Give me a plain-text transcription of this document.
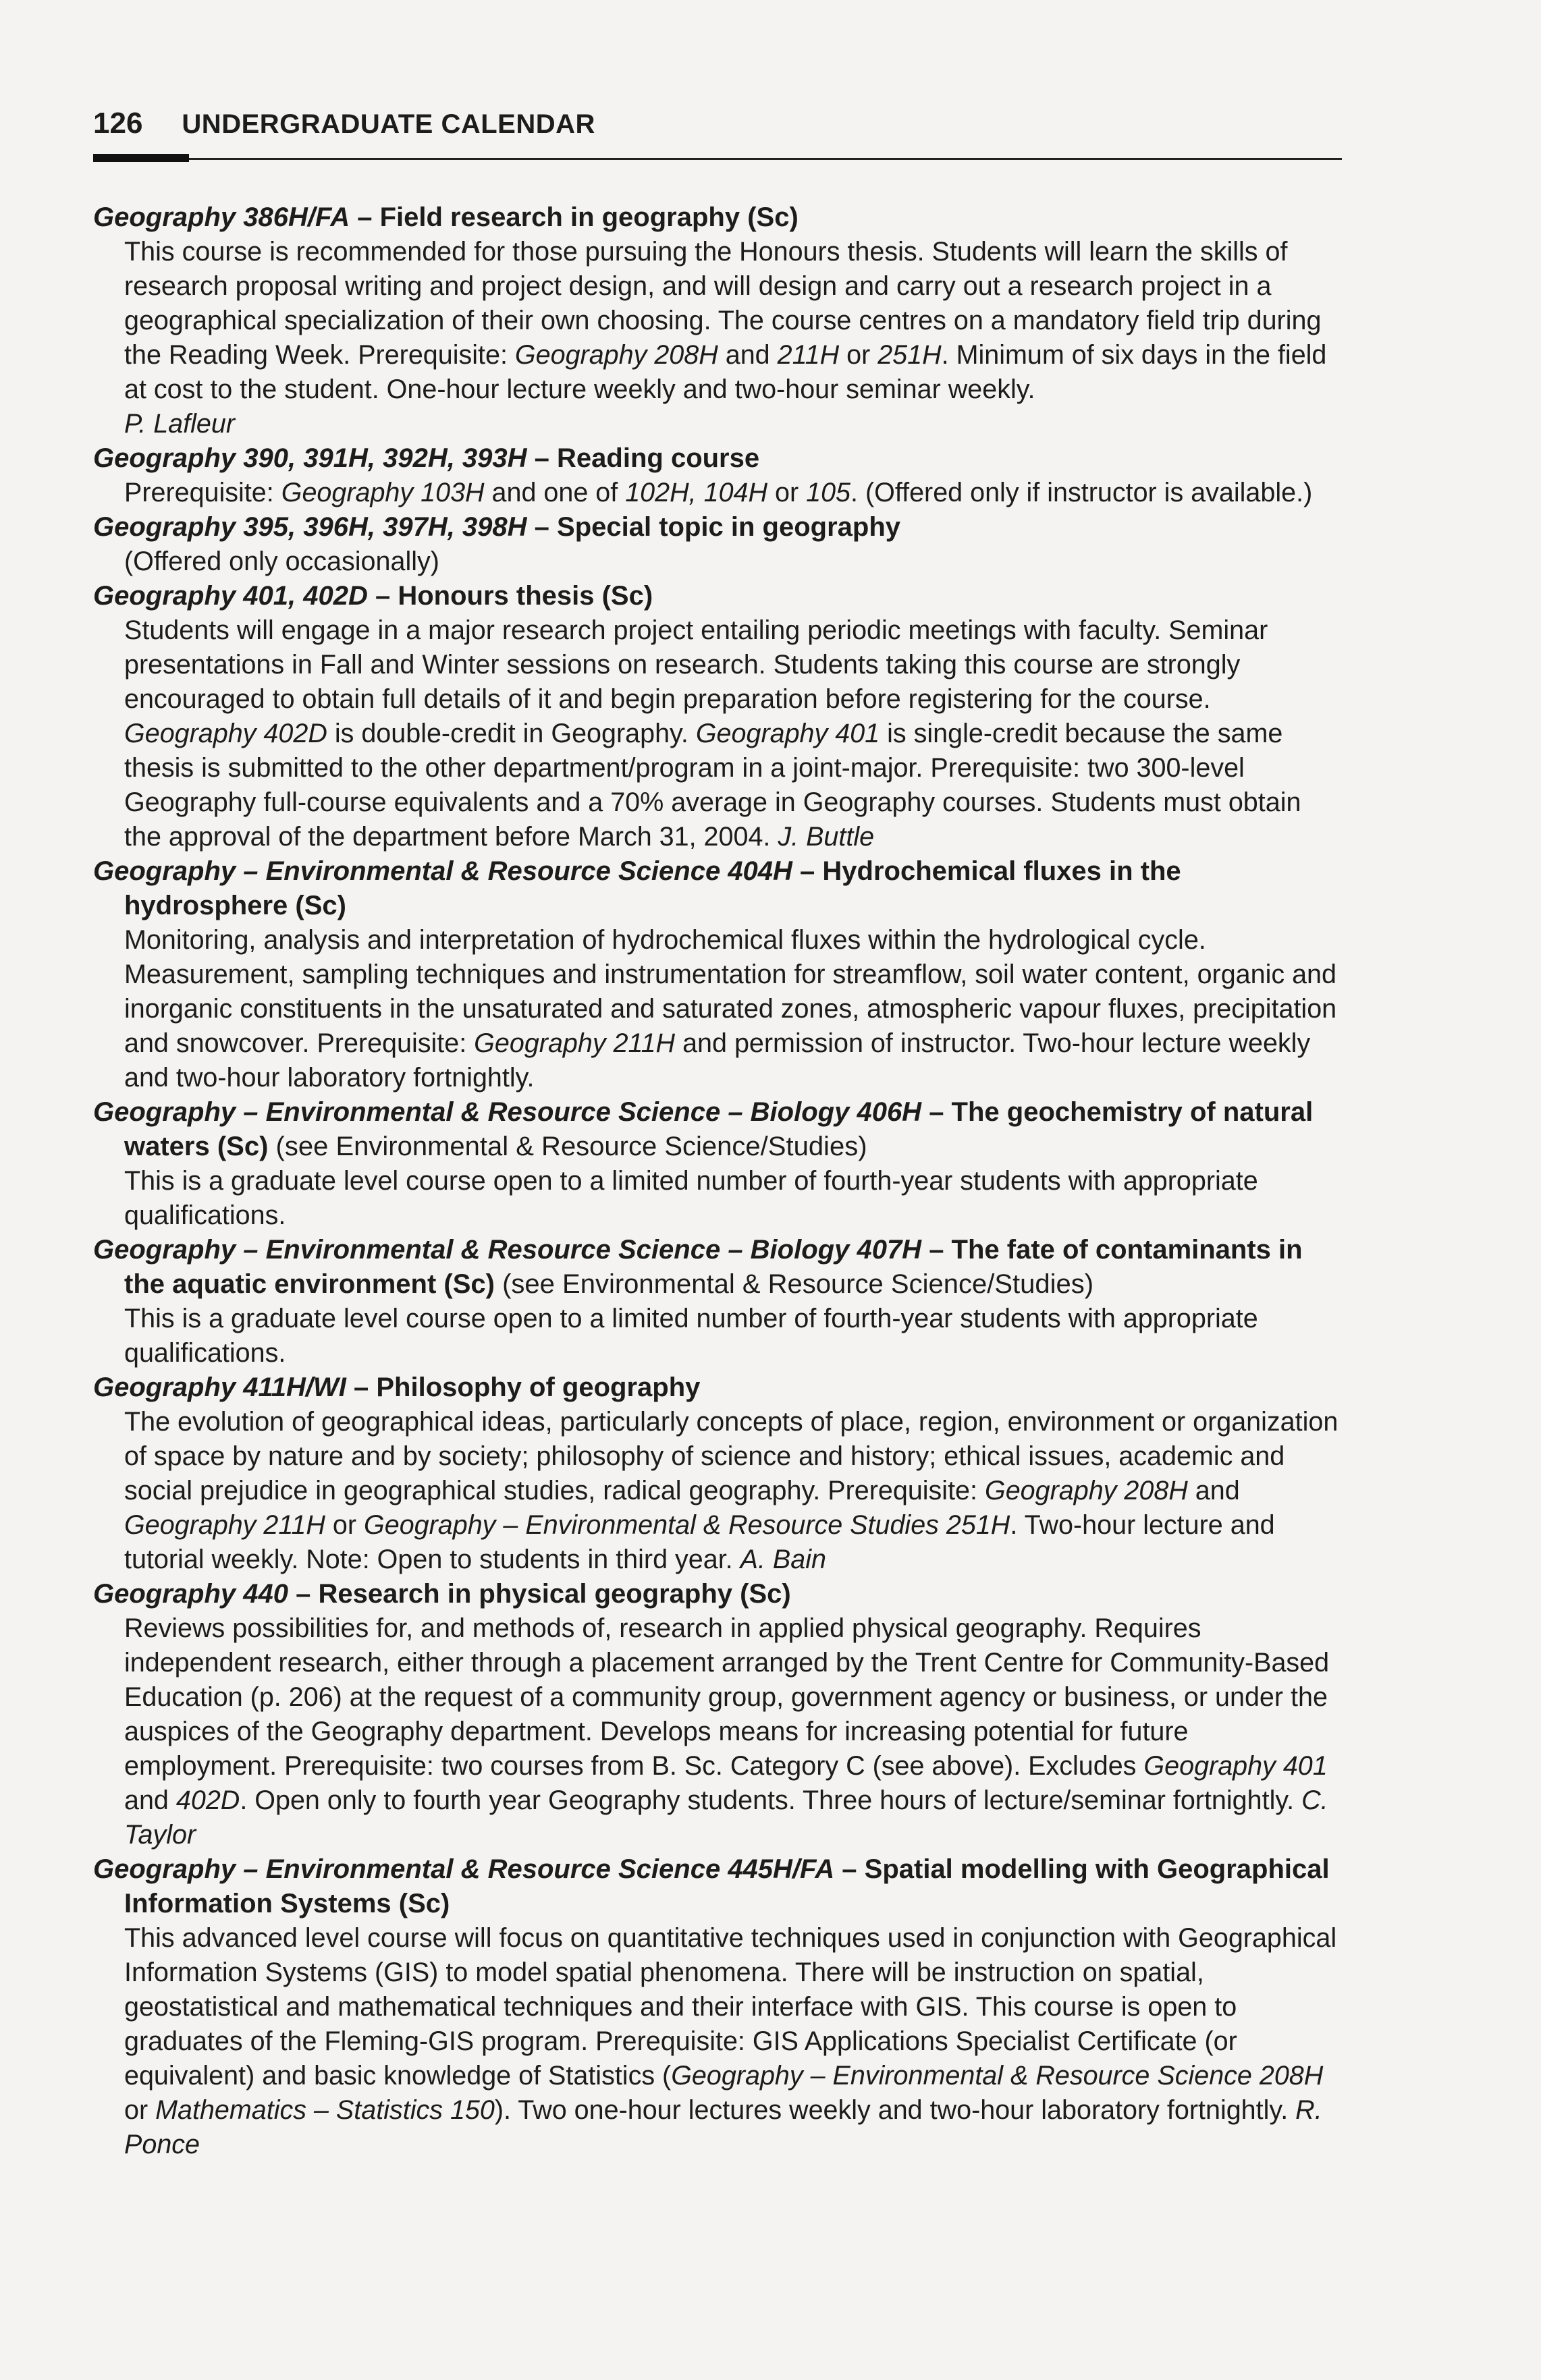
126 UNDERGRADUATE CALENDAR
Geography 386H/FA – Field research in geography (Sc)
This course is recommended for those pursuing the Honours thesis. Students will learn the skills of research proposal writing and project design, and will design and carry out a research project in a geographical specialization of their own choosing. The course centres on a mandatory field trip during the Reading Week. Prerequisite: Geography 208H and 211H or 251H. Minimum of six days in the field at cost to the student. One-hour lecture weekly and two-hour seminar weekly.
P. Lafleur
Geography 390, 391H, 392H, 393H – Reading course
Prerequisite: Geography 103H and one of 102H, 104H or 105. (Offered only if instructor is available.)
Geography 395, 396H, 397H, 398H – Special topic in geography
(Offered only occasionally)
Geography 401, 402D – Honours thesis (Sc)
Students will engage in a major research project entailing periodic meetings with faculty. Seminar presentations in Fall and Winter sessions on research. Students taking this course are strongly encouraged to obtain full details of it and begin preparation before registering for the course. Geography 402D is double-credit in Geography. Geography 401 is single-credit because the same thesis is submitted to the other department/program in a joint-major. Prerequisite: two 300-level Geography full-course equivalents and a 70% average in Geography courses. Students must obtain the approval of the department before March 31, 2004. J. Buttle
Geography – Environmental & Resource Science 404H – Hydrochemical fluxes in the hydrosphere (Sc)
Monitoring, analysis and interpretation of hydrochemical fluxes within the hydrological cycle. Measurement, sampling techniques and instrumentation for streamflow, soil water content, organic and inorganic constituents in the unsaturated and saturated zones, atmospheric vapour fluxes, precipitation and snowcover. Prerequisite: Geography 211H and permission of instructor. Two-hour lecture weekly and two-hour laboratory fortnightly.
Geography – Environmental & Resource Science – Biology 406H – The geochemistry of natural waters (Sc) (see Environmental & Resource Science/Studies)
This is a graduate level course open to a limited number of fourth-year students with appropriate qualifications.
Geography – Environmental & Resource Science – Biology 407H – The fate of contaminants in the aquatic environment (Sc) (see Environmental & Resource Science/Studies)
This is a graduate level course open to a limited number of fourth-year students with appropriate qualifications.
Geography 411H/WI – Philosophy of geography
The evolution of geographical ideas, particularly concepts of place, region, environment or organization of space by nature and by society; philosophy of science and history; ethical issues, academic and social prejudice in geographical studies, radical geography. Prerequisite: Geography 208H and Geography 211H or Geography – Environmental & Resource Studies 251H. Two-hour lecture and tutorial weekly. Note: Open to students in third year. A. Bain
Geography 440 – Research in physical geography (Sc)
Reviews possibilities for, and methods of, research in applied physical geography. Requires independent research, either through a placement arranged by the Trent Centre for Community-Based Education (p. 206) at the request of a community group, government agency or business, or under the auspices of the Geography department. Develops means for increasing potential for future employment. Prerequisite: two courses from B. Sc. Category C (see above). Excludes Geography 401 and 402D. Open only to fourth year Geography students. Three hours of lecture/seminar fortnightly. C. Taylor
Geography – Environmental & Resource Science 445H/FA – Spatial modelling with Geographical Information Systems (Sc)
This advanced level course will focus on quantitative techniques used in conjunction with Geographical Information Systems (GIS) to model spatial phenomena. There will be instruction on spatial, geostatistical and mathematical techniques and their interface with GIS. This course is open to graduates of the Fleming-GIS program. Prerequisite: GIS Applications Specialist Certificate (or equivalent) and basic knowledge of Statistics (Geography – Environmental & Resource Science 208H or Mathematics – Statistics 150). Two one-hour lectures weekly and two-hour laboratory fortnightly. R. Ponce
